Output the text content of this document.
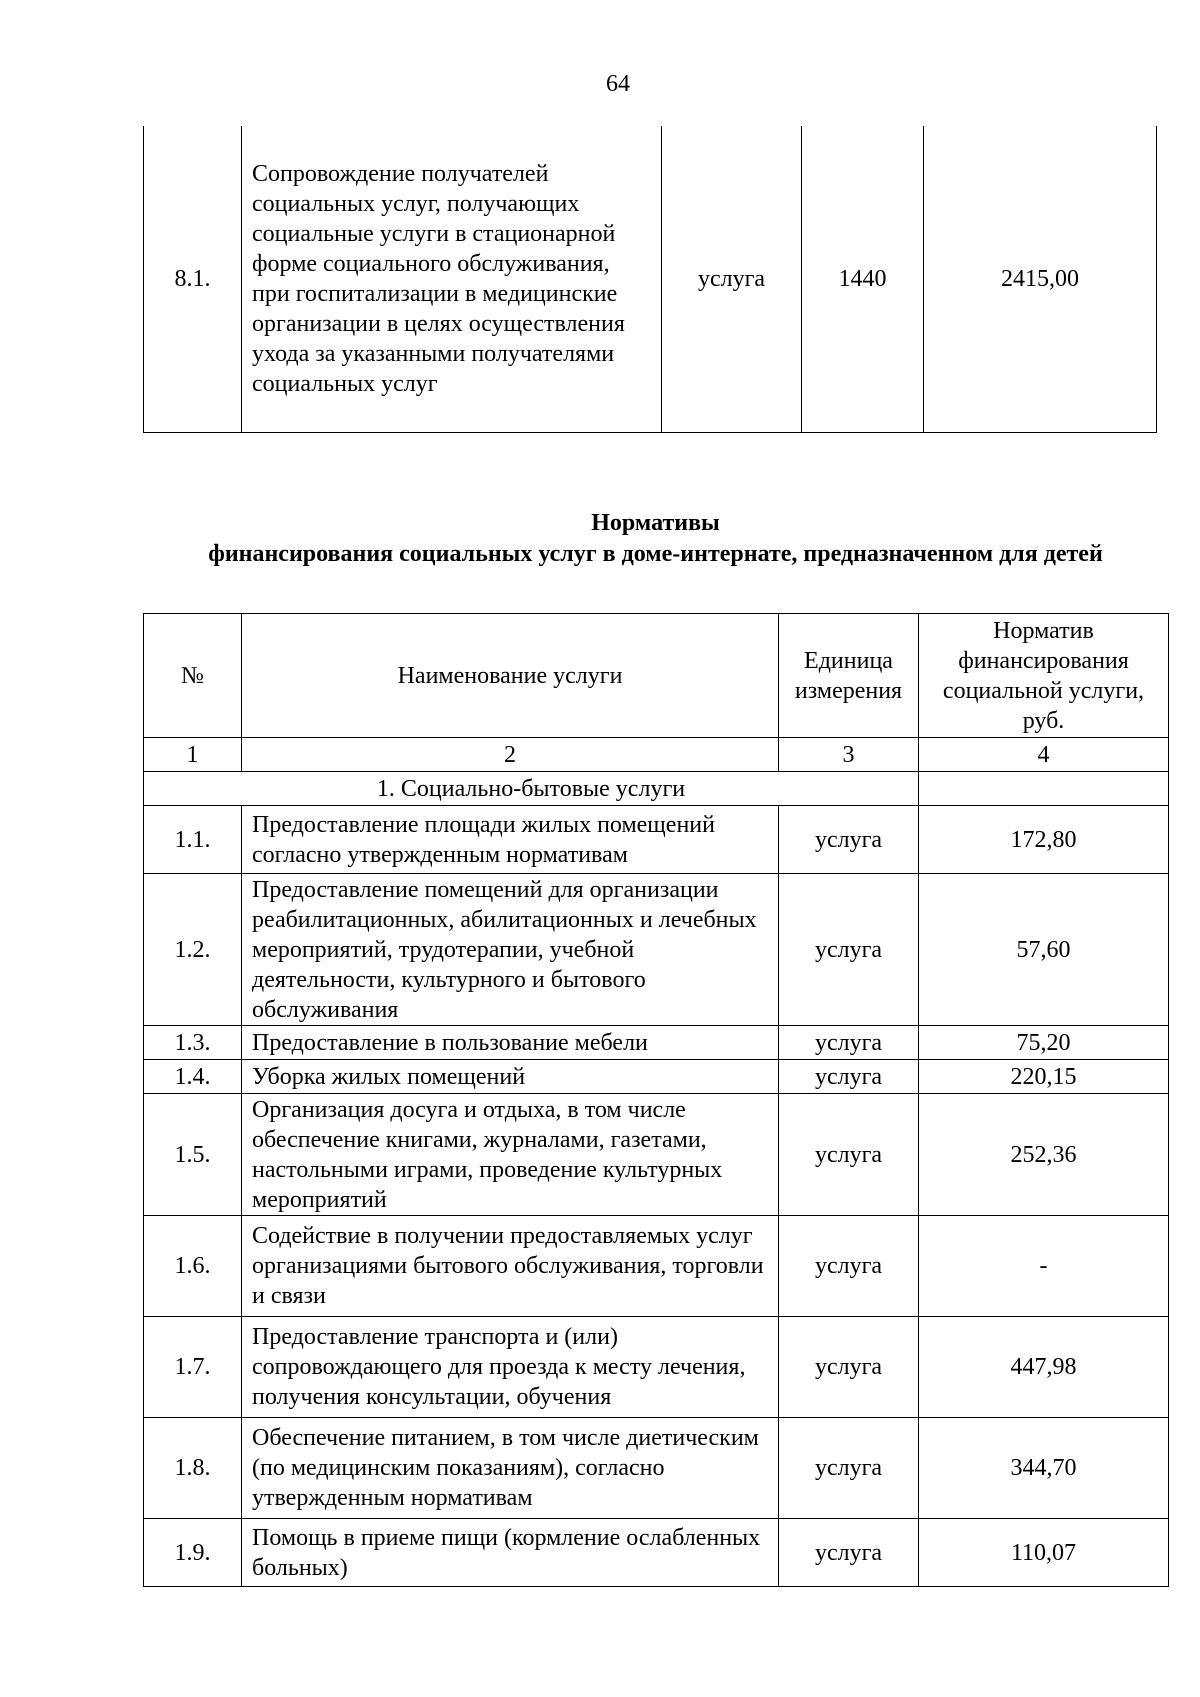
64
8.1.	Сопровождение получателей социальных услуг, получающих социальные услуги в стационарной форме социального обслуживания, при госпитализации в медицинские организации в целях осуществления ухода за указанными получателями социальных услуг	услуга	1440	2415,00
Нормативы
финансирования социальных услуг в доме-интернате, предназначенном для детей
№	Наименование услуги	Единица измерения	Норматив финансирования социальной услуги, руб.
1	2	3	4
1. Социально-бытовые услуги			
1.1.	Предоставление площади жилых помещений согласно утвержденным нормативам	услуга	172,80
1.2.	Предоставление помещений для организации реабилитационных, абилитационных и лечебных мероприятий, трудотерапии, учебной деятельности, культурного и бытового обслуживания	услуга	57,60
1.3.	Предоставление в пользование мебели	услуга	75,20
1.4.	Уборка жилых помещений	услуга	220,15
1.5.	Организация досуга и отдыха, в том числе обеспечение книгами, журналами, газетами, настольными играми, проведение культурных мероприятий	услуга	252,36
1.6.	Содействие в получении предоставляемых услуг организациями бытового обслуживания, торговли и связи	услуга	-
1.7.	Предоставление транспорта и (или) сопровождающего для проезда к месту лечения, получения консультации, обучения	услуга	447,98
1.8.	Обеспечение питанием, в том числе диетическим (по медицинским показаниям), согласно утвержденным нормативам	услуга	344,70
1.9.	Помощь в приеме пищи (кормление ослабленных больных)	услуга	110,07
